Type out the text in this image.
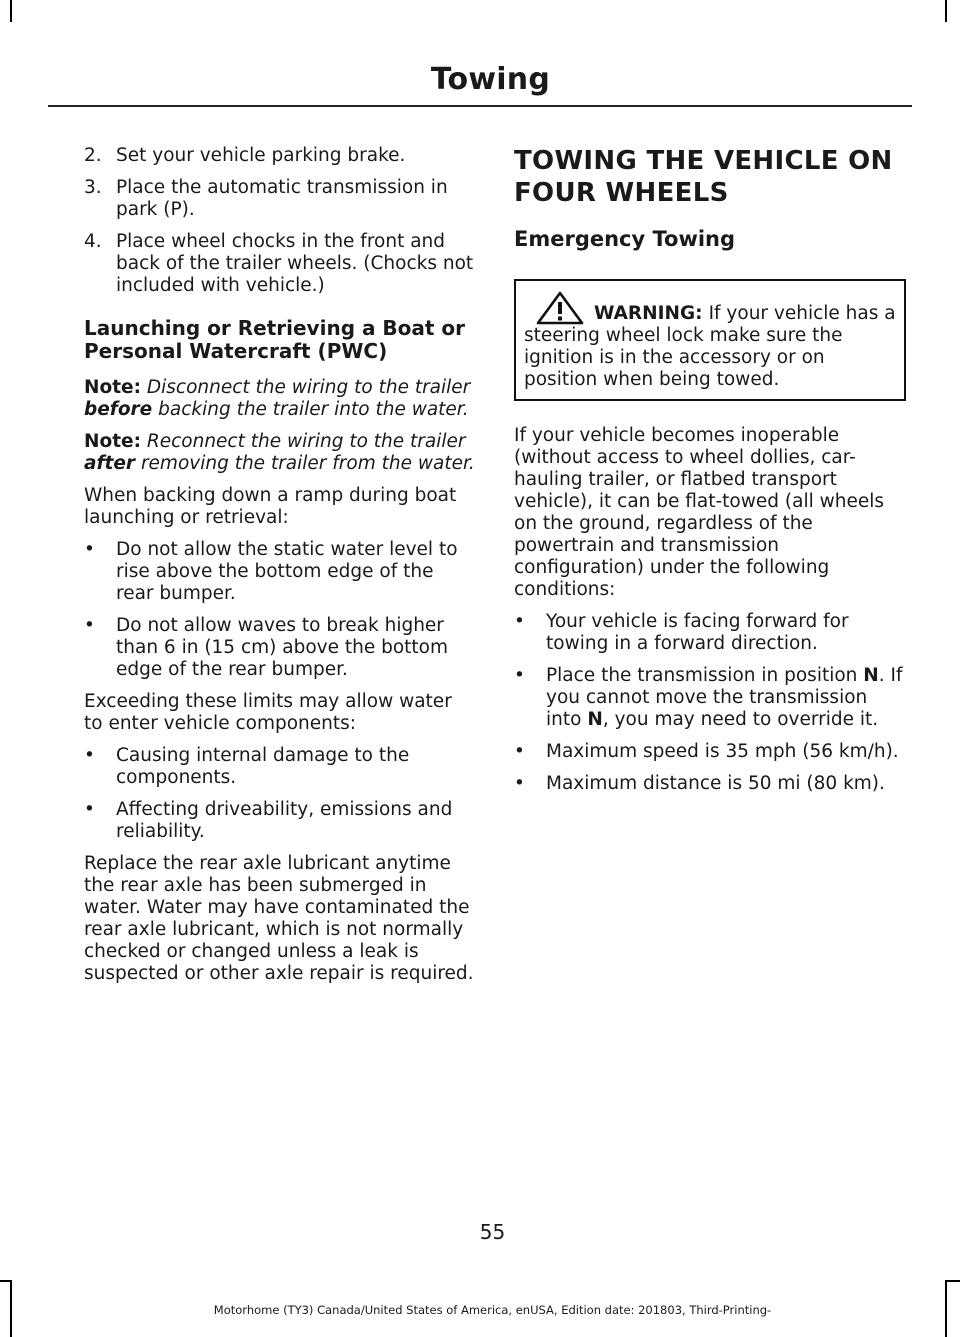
Towing
2. Set your vehicle parking brake.
3. Place the automatic transmission in park (P).
4. Place wheel chocks in the front and back of the trailer wheels. (Chocks not included with vehicle.)
Launching or Retrieving a Boat or Personal Watercraft (PWC)

Note: Disconnect the wiring to the trailer before backing the trailer into the water.

Note: Reconnect the wiring to the trailer after removing the trailer from the water.

When backing down a ramp during boat launching or retrieval:

• Do not allow the static water level to rise above the bottom edge of the rear bumper.
• Do not allow waves to break higher than 6 in (15 cm) above the bottom edge of the rear bumper.

Exceeding these limits may allow water to enter vehicle components:

• Causing internal damage to the components.
• Affecting driveability, emissions and reliability.

Replace the rear axle lubricant anytime the rear axle has been submerged in water. Water may have contaminated the rear axle lubricant, which is not normally checked or changed unless a leak is suspected or other axle repair is required.

TOWING THE VEHICLE ON
FOUR WHEELS
Emergency Towing
WARNING: If your vehicle has a
steering wheel lock make sure the ignition is in the accessory or on position when being towed.

If your vehicle becomes inoperable (without access to wheel dollies, car-hauling trailer, or flatbed transport vehicle), it can be flat-towed (all wheels on the ground, regardless of the powertrain and transmission configuration) under the following conditions:

• Your vehicle is facing forward for towing in a forward direction.
• Place the transmission in position N. If you cannot move the transmission into N, you may need to override it.
• Maximum speed is 35 mph (56 km/h).
• Maximum distance is 50 mi (80 km).
55
Motorhome (TY3) Canada/United States of America, enUSA, Edition date: 201803, Third-Printing-
